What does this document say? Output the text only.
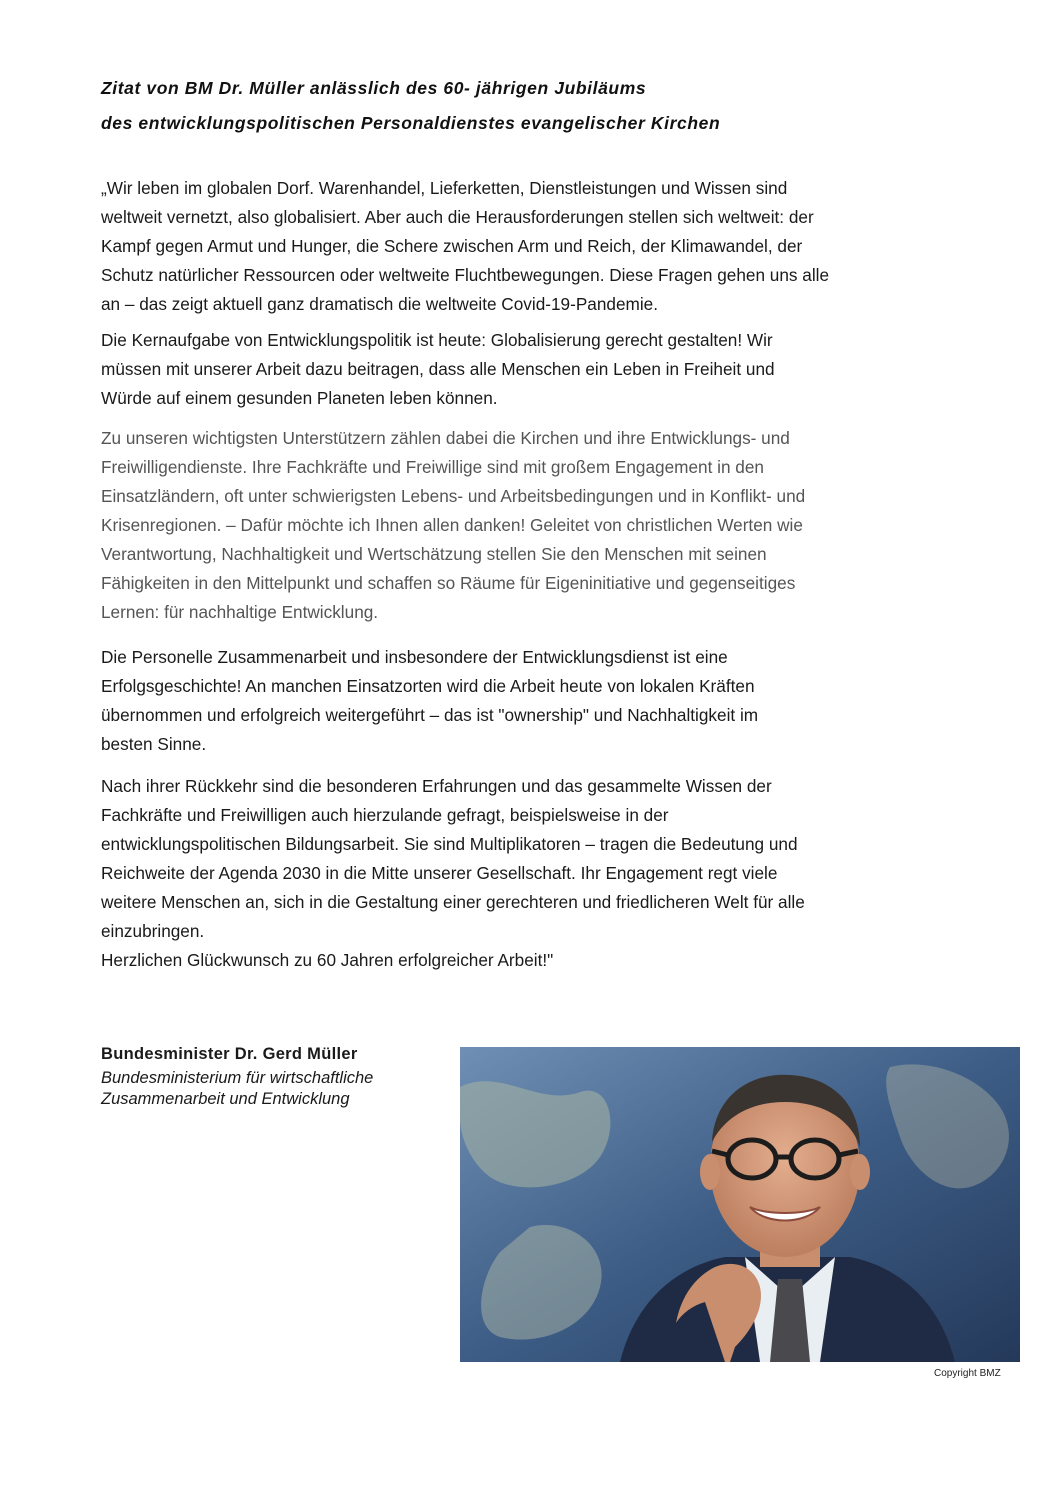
Zitat von BM Dr. Müller anlässlich des 60- jährigen Jubiläums
des entwicklungspolitischen Personaldienstes evangelischer Kirchen

„Wir leben im globalen Dorf. Warenhandel, Lieferketten, Dienstleistungen und Wissen sind
weltweit vernetzt, also globalisiert. Aber auch die Herausforderungen stellen sich weltweit: der
Kampf gegen Armut und Hunger, die Schere zwischen Arm und Reich, der Klimawandel, der
Schutz natürlicher Ressourcen oder weltweite Fluchtbewegungen. Diese Fragen gehen uns alle
an – das zeigt aktuell ganz dramatisch die weltweite Covid-19-Pandemie.

Die Kernaufgabe von Entwicklungspolitik ist heute: Globalisierung gerecht gestalten! Wir
müssen mit unserer Arbeit dazu beitragen, dass alle Menschen ein Leben in Freiheit und
Würde auf einem gesunden Planeten leben können.

Zu unseren wichtigsten Unterstützern zählen dabei die Kirchen und ihre Entwicklungs- und
Freiwilligendienste. Ihre Fachkräfte und Freiwillige sind mit großem Engagement in den
Einsatzländern, oft unter schwierigsten Lebens- und Arbeitsbedingungen und in Konflikt- und
Krisenregionen. – Dafür möchte ich Ihnen allen danken! Geleitet von christlichen Werten wie
Verantwortung, Nachhaltigkeit und Wertschätzung stellen Sie den Menschen mit seinen
Fähigkeiten in den Mittelpunkt und schaffen so Räume für Eigeninitiative und gegenseitiges
Lernen: für nachhaltige Entwicklung.

Die Personelle Zusammenarbeit und insbesondere der Entwicklungsdienst ist eine
Erfolgsgeschichte! An manchen Einsatzorten wird die Arbeit heute von lokalen Kräften
übernommen und erfolgreich weitergeführt – das ist "ownership" und Nachhaltigkeit im
besten Sinne.

Nach ihrer Rückkehr sind die besonderen Erfahrungen und das gesammelte Wissen der
Fachkräfte und Freiwilligen auch hierzulande gefragt, beispielsweise in der
entwicklungspolitischen Bildungsarbeit. Sie sind Multiplikatoren – tragen die Bedeutung und
Reichweite der Agenda 2030 in die Mitte unserer Gesellschaft. Ihr Engagement regt viele
weitere Menschen an, sich in die Gestaltung einer gerechteren und friedlicheren Welt für alle
einzubringen.
Herzlichen Glückwunsch zu 60 Jahren erfolgreicher Arbeit!"

Bundesminister Dr. Gerd Müller
Bundesministerium für wirtschaftliche
Zusammenarbeit und Entwicklung
Copyright BMZ
